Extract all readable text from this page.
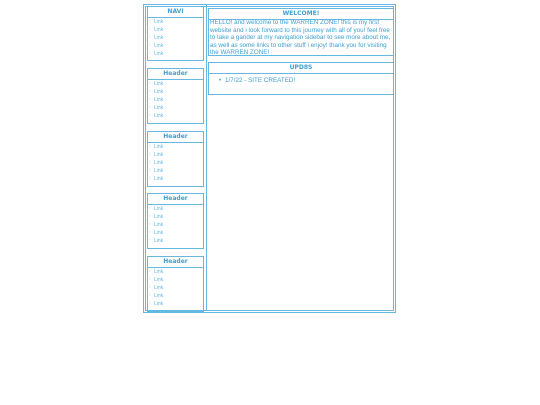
NAVI
° Link
° Link
° Link
° Link
° Link
Header
° Link
° Link
° Link
° Link
° Link
Header
° Link
° Link
° Link
° Link
° Link
Header
° Link
° Link
° Link
° Link
° Link
Header
° Link
° Link
° Link
° Link
° Link
WELCOME!
HELLO! and welcome to the WARREN ZONE! this is my first website and i look forward to this journey with all of you! feel free to take a gander at my navigation sidebar to see more about me, as well as some links to other stuff i enjoy! thank you for visiting the WARREN ZONE!
UPD8S
• 1/7/22 - SITE CREATED!
